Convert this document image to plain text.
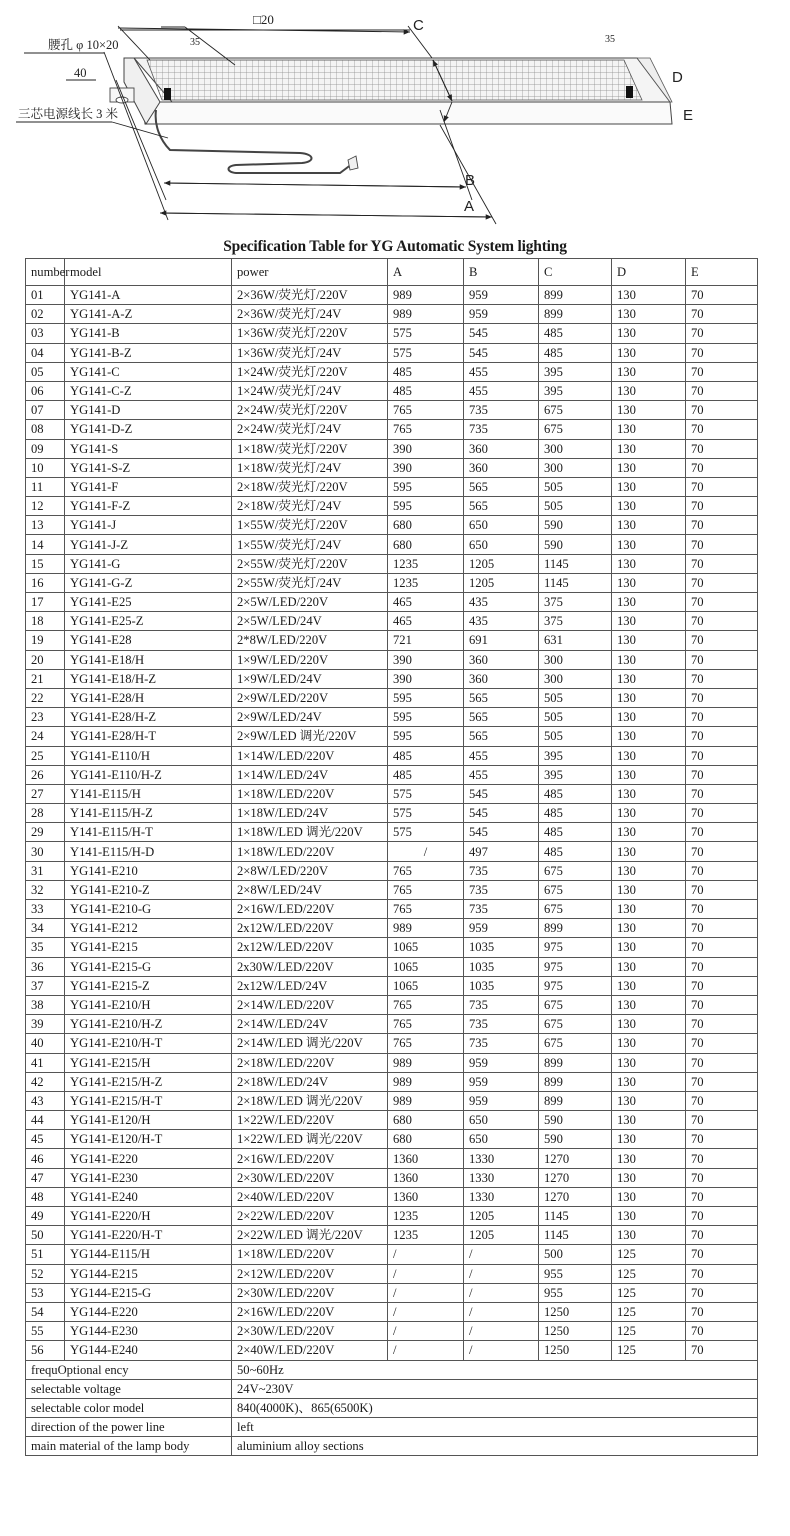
□20	C
35	35
腰孔 φ 10×20
40
三芯电源线长 3 米
D
E
B
A
Specification Table for YG Automatic System lighting
number	model	power	A	B	C	D	E
01	YG141-A	2×36W/荧光灯/220V	989	959	899	130	70
02	YG141-A-Z	2×36W/荧光灯/24V	989	959	899	130	70
03	YG141-B	1×36W/荧光灯/220V	575	545	485	130	70
04	YG141-B-Z	1×36W/荧光灯/24V	575	545	485	130	70
05	YG141-C	1×24W/荧光灯/220V	485	455	395	130	70
06	YG141-C-Z	1×24W/荧光灯/24V	485	455	395	130	70
07	YG141-D	2×24W/荧光灯/220V	765	735	675	130	70
08	YG141-D-Z	2×24W/荧光灯/24V	765	735	675	130	70
09	YG141-S	1×18W/荧光灯/220V	390	360	300	130	70
10	YG141-S-Z	1×18W/荧光灯/24V	390	360	300	130	70
11	YG141-F	2×18W/荧光灯/220V	595	565	505	130	70
12	YG141-F-Z	2×18W/荧光灯/24V	595	565	505	130	70
13	YG141-J	1×55W/荧光灯/220V	680	650	590	130	70
14	YG141-J-Z	1×55W/荧光灯/24V	680	650	590	130	70
15	YG141-G	2×55W/荧光灯/220V	1235	1205	1145	130	70
16	YG141-G-Z	2×55W/荧光灯/24V	1235	1205	1145	130	70
17	YG141-E25	2×5W/LED/220V	465	435	375	130	70
18	YG141-E25-Z	2×5W/LED/24V	465	435	375	130	70
19	YG141-E28	2*8W/LED/220V	721	691	631	130	70
20	YG141-E18/H	1×9W/LED/220V	390	360	300	130	70
21	YG141-E18/H-Z	1×9W/LED/24V	390	360	300	130	70
22	YG141-E28/H	2×9W/LED/220V	595	565	505	130	70
23	YG141-E28/H-Z	2×9W/LED/24V	595	565	505	130	70
24	YG141-E28/H-T	2×9W/LED 调光/220V	595	565	505	130	70
25	YG141-E110/H	1×14W/LED/220V	485	455	395	130	70
26	YG141-E110/H-Z	1×14W/LED/24V	485	455	395	130	70
27	Y141-E115/H	1×18W/LED/220V	575	545	485	130	70
28	Y141-E115/H-Z	1×18W/LED/24V	575	545	485	130	70
29	Y141-E115/H-T	1×18W/LED 调光/220V	575	545	485	130	70
30	Y141-E115/H-D	1×18W/LED/220V	/	497	485	130	70
31	YG141-E210	2×8W/LED/220V	765	735	675	130	70
32	YG141-E210-Z	2×8W/LED/24V	765	735	675	130	70
33	YG141-E210-G	2×16W/LED/220V	765	735	675	130	70
34	YG141-E212	2x12W/LED/220V	989	959	899	130	70
35	YG141-E215	2x12W/LED/220V	1065	1035	975	130	70
36	YG141-E215-G	2x30W/LED/220V	1065	1035	975	130	70
37	YG141-E215-Z	2x12W/LED/24V	1065	1035	975	130	70
38	YG141-E210/H	2×14W/LED/220V	765	735	675	130	70
39	YG141-E210/H-Z	2×14W/LED/24V	765	735	675	130	70
40	YG141-E210/H-T	2×14W/LED 调光/220V	765	735	675	130	70
41	YG141-E215/H	2×18W/LED/220V	989	959	899	130	70
42	YG141-E215/H-Z	2×18W/LED/24V	989	959	899	130	70
43	YG141-E215/H-T	2×18W/LED 调光/220V	989	959	899	130	70
44	YG141-E120/H	1×22W/LED/220V	680	650	590	130	70
45	YG141-E120/H-T	1×22W/LED 调光/220V	680	650	590	130	70
46	YG141-E220	2×16W/LED/220V	1360	1330	1270	130	70
47	YG141-E230	2×30W/LED/220V	1360	1330	1270	130	70
48	YG141-E240	2×40W/LED/220V	1360	1330	1270	130	70
49	YG141-E220/H	2×22W/LED/220V	1235	1205	1145	130	70
50	YG141-E220/H-T	2×22W/LED 调光/220V	1235	1205	1145	130	70
51	YG144-E115/H	1×18W/LED/220V	/	/	500	125	70
52	YG144-E215	2×12W/LED/220V	/	/	955	125	70
53	YG144-E215-G	2×30W/LED/220V	/	/	955	125	70
54	YG144-E220	2×16W/LED/220V	/	/	1250	125	70
55	YG144-E230	2×30W/LED/220V	/	/	1250	125	70
56	YG144-E240	2×40W/LED/220V	/	/	1250	125	70
frequOptional ency		50~60Hz					
selectable voltage		24V~230V					
selectable color model		840(4000K)、865(6500K)					
direction of the power line		left					
main material of the lamp body		aluminium alloy sections					
